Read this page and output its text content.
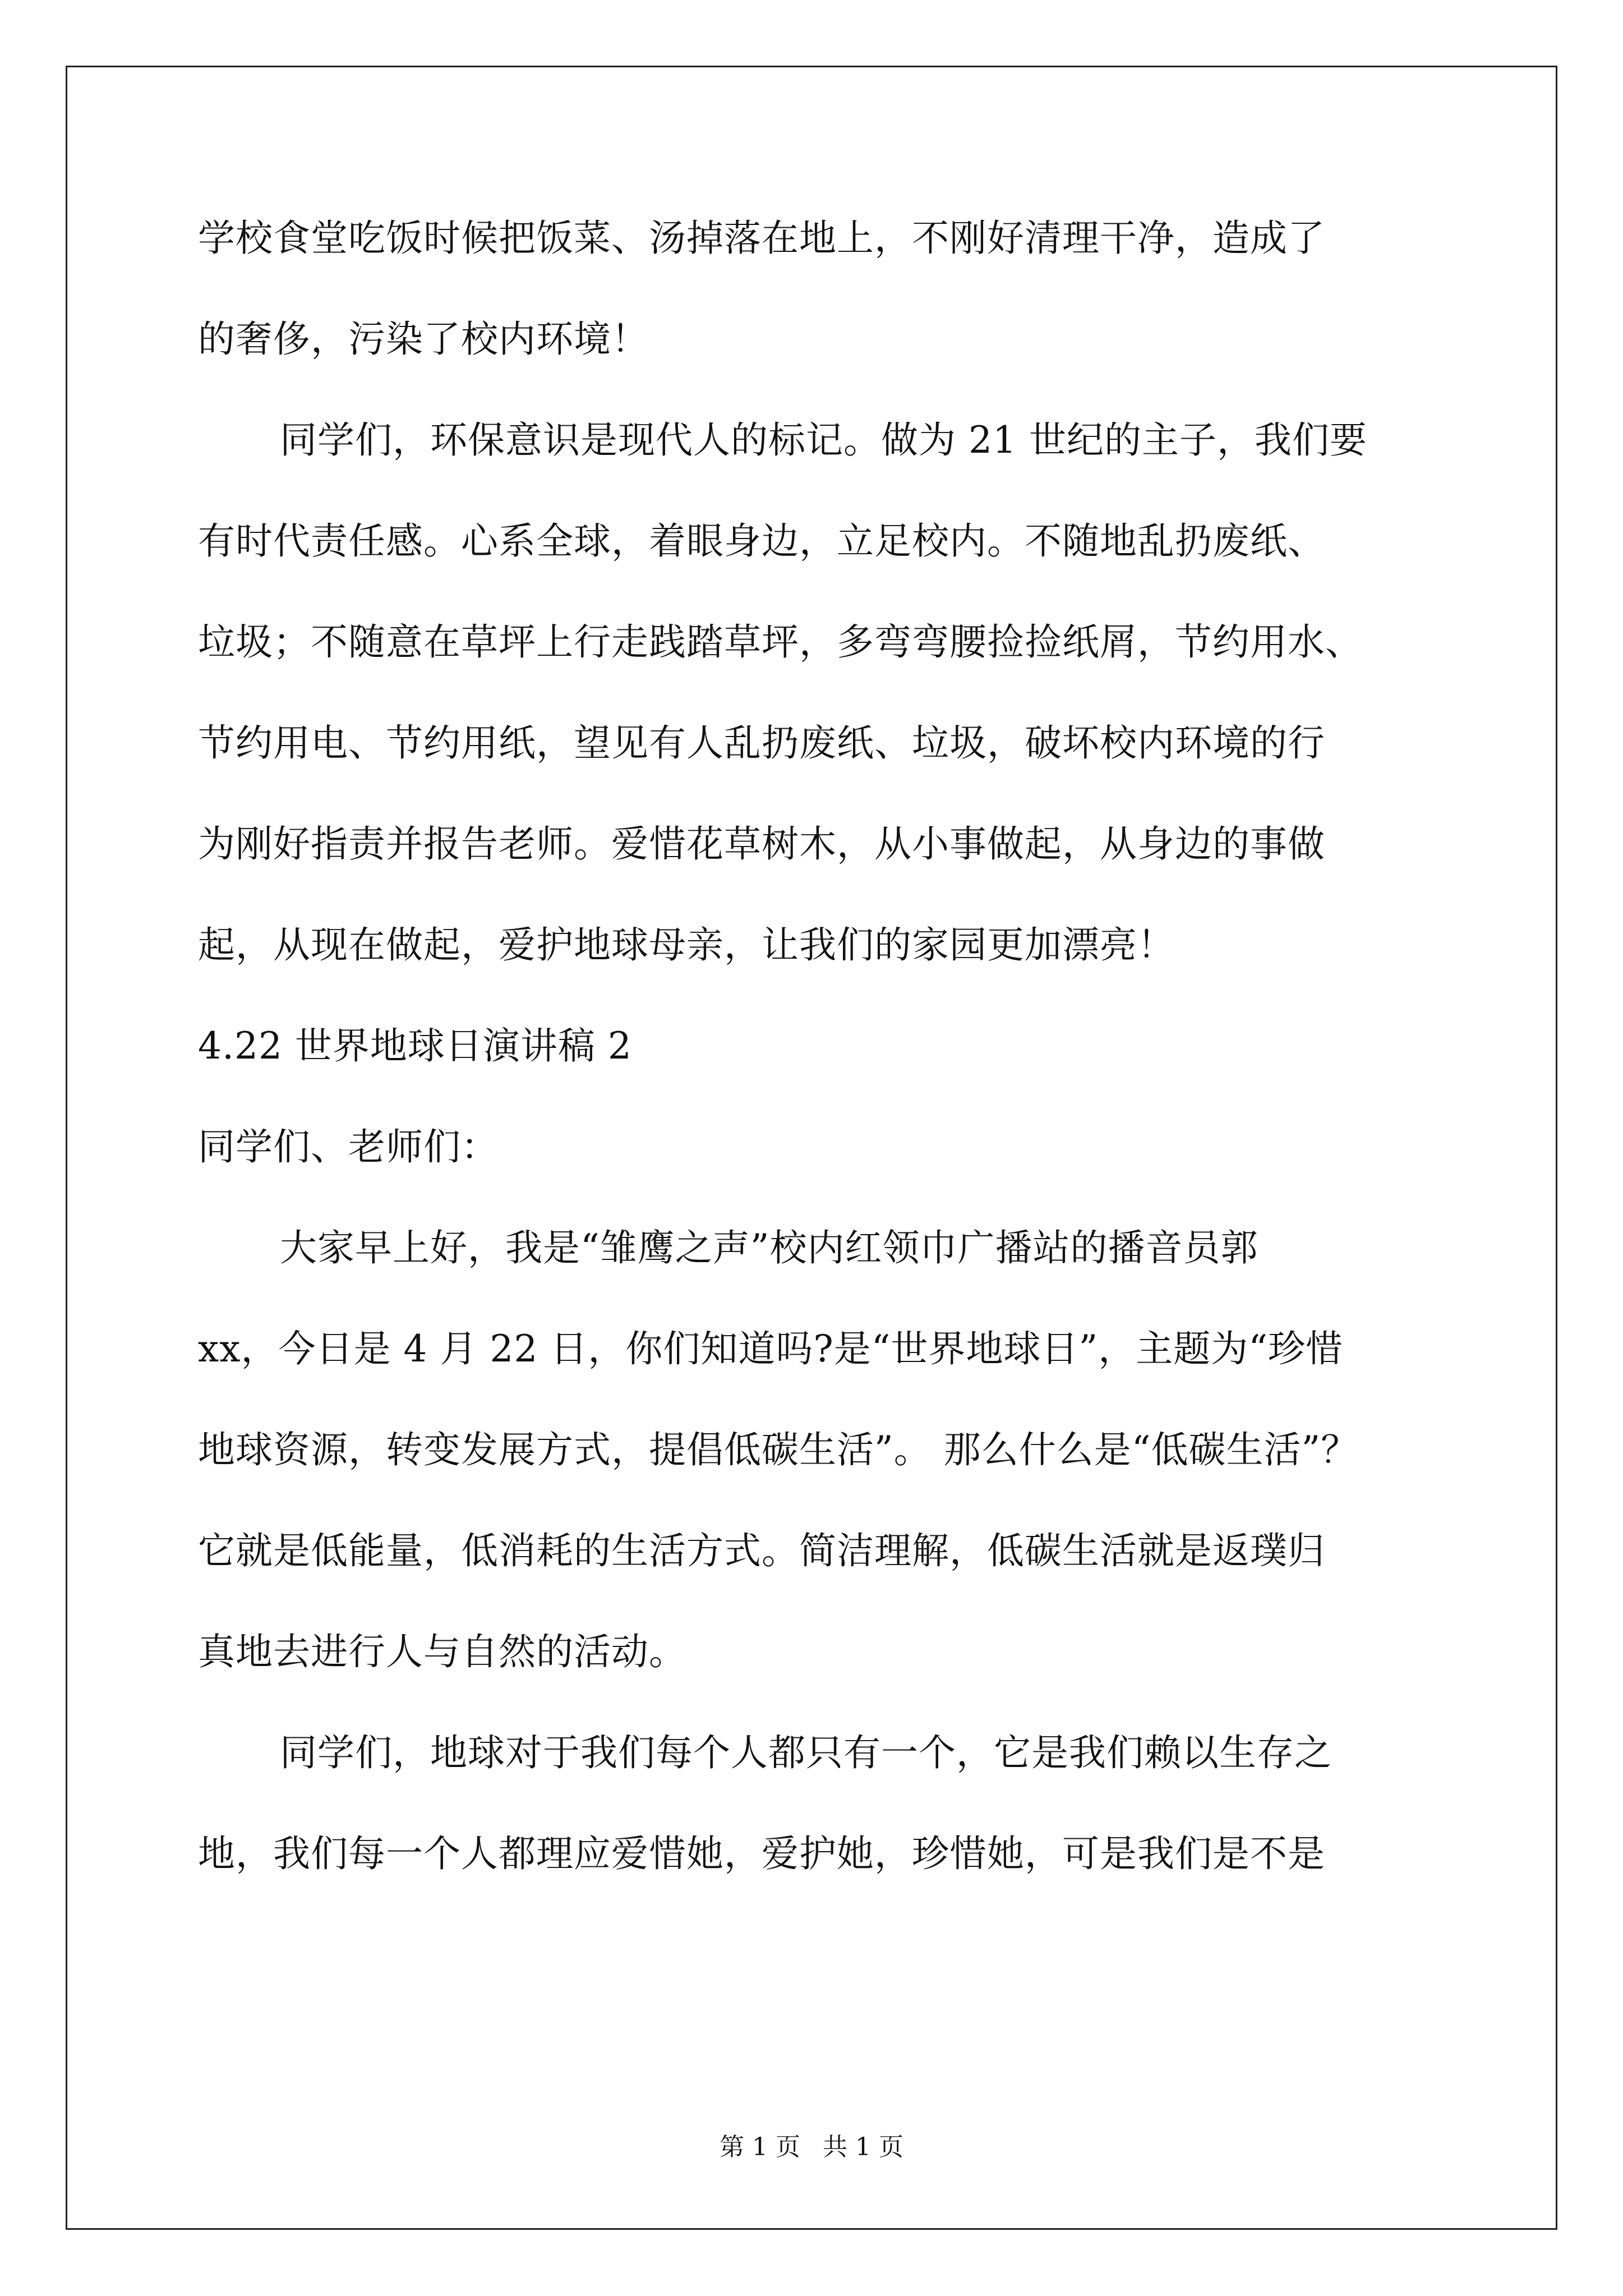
学校食堂吃饭时候把饭菜、汤掉落在地上，不刚好清理干净，造成了
的奢侈，污染了校内环境！
同学们，环保意识是现代人的标记。做为 21 世纪的主子，我们要
有时代责任感。心系全球，着眼身边，立足校内。不随地乱扔废纸、
垃圾；不随意在草坪上行走践踏草坪，多弯弯腰捡捡纸屑，节约用水、
节约用电、节约用纸，望见有人乱扔废纸、垃圾，破坏校内环境的行
为刚好指责并报告老师。爱惜花草树木，从小事做起，从身边的事做
起，从现在做起，爱护地球母亲，让我们的家园更加漂亮！
4.22 世界地球日演讲稿 2
同学们、老师们：
大家早上好，我是“雏鹰之声”校内红领巾广播站的播音员郭
xx，今日是 4 月 22 日，你们知道吗?是“世界地球日”，主题为“珍惜
地球资源，转变发展方式，提倡低碳生活”。 那么什么是“低碳生活”？
它就是低能量，低消耗的生活方式。简洁理解，低碳生活就是返璞归
真地去进行人与自然的活动。
同学们，地球对于我们每个人都只有一个，它是我们赖以生存之
地，我们每一个人都理应爱惜她，爱护她，珍惜她，可是我们是不是
第 1 页 共 1 页
